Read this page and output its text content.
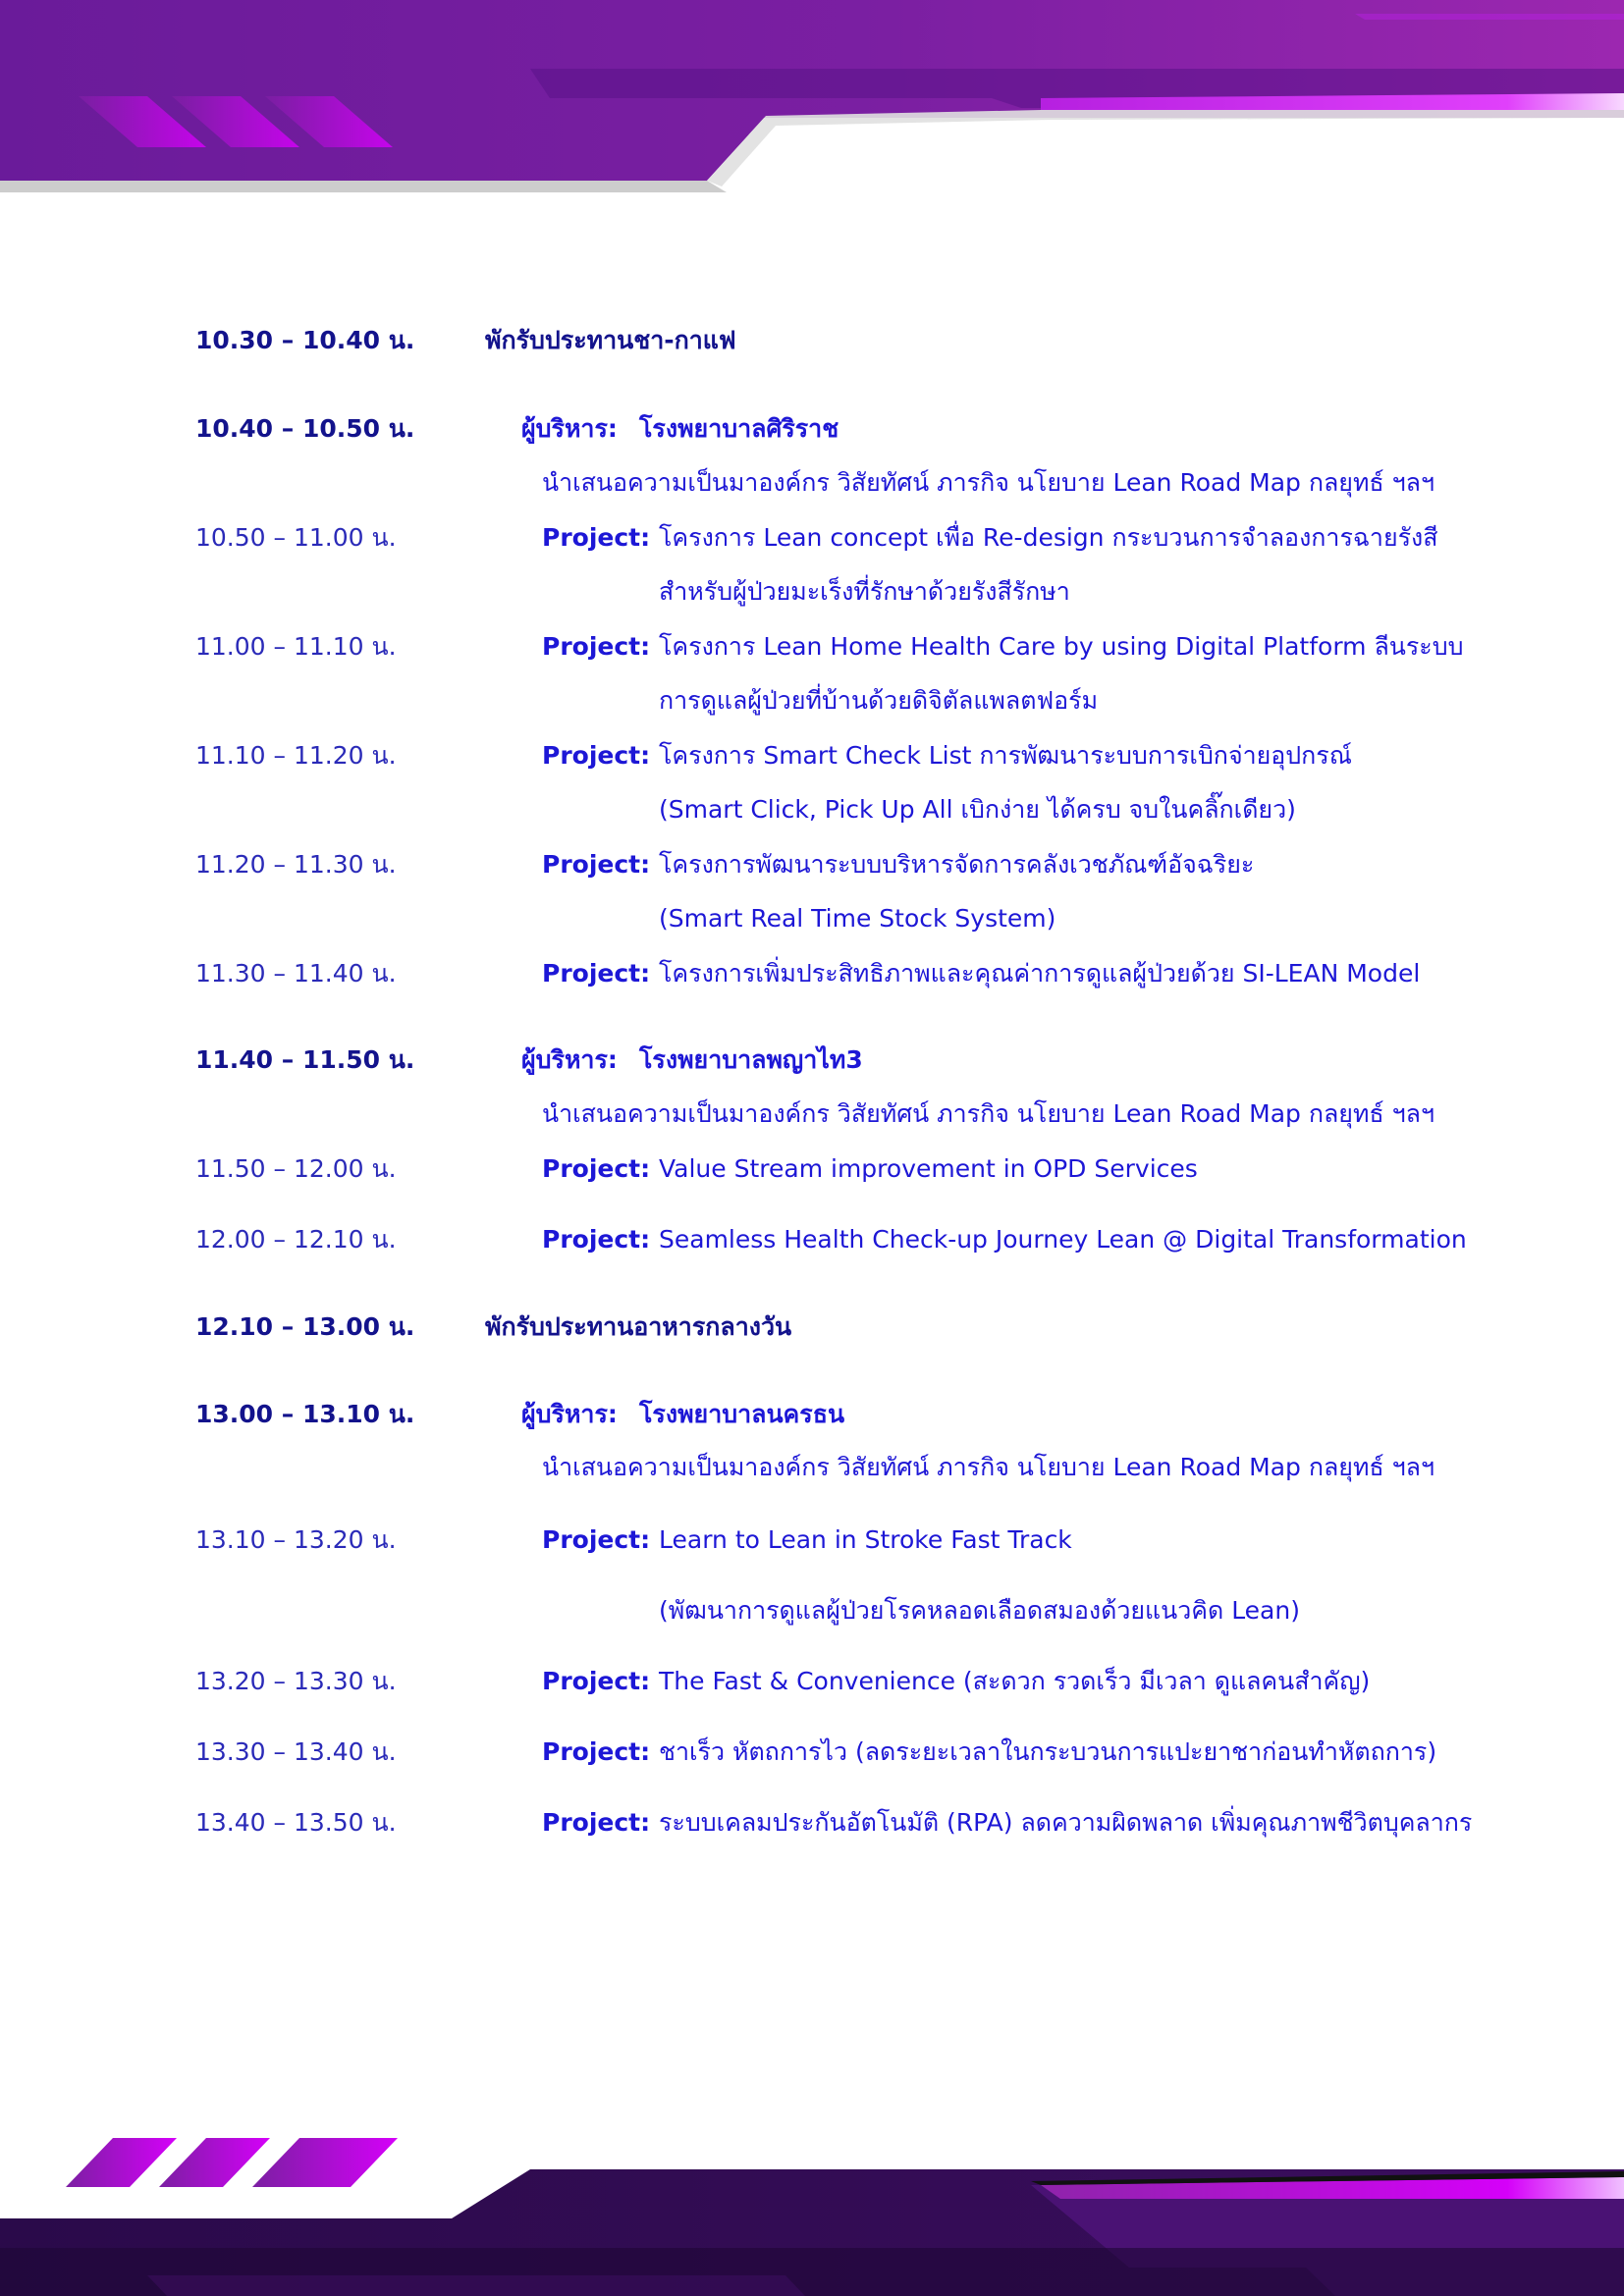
10.30 – 10.40 น.	พักรับประทานชา-กาแฟ
10.40 – 10.50 น.	ผู้บริหาร: โรงพยาบาลศิริราช
นำเสนอความเป็นมาองค์กร วิสัยทัศน์ ภารกิจ นโยบาย Lean Road Map กลยุทธ์ ฯลฯ
10.50 – 11.00 น.	Project: โครงการ Lean concept เพื่อ Re-design กระบวนการจำลองการฉายรังสี
สำหรับผู้ป่วยมะเร็งที่รักษาด้วยรังสีรักษา
11.00 – 11.10 น.	Project: โครงการ Lean Home Health Care by using Digital Platform ลีนระบบ
การดูแลผู้ป่วยที่บ้านด้วยดิจิตัลแพลตฟอร์ม
11.10 – 11.20 น.	Project: โครงการ Smart Check List การพัฒนาระบบการเบิกจ่ายอุปกรณ์
(Smart Click, Pick Up All เบิกง่าย ได้ครบ จบในคลิ๊กเดียว)
11.20 – 11.30 น.	Project: โครงการพัฒนาระบบบริหารจัดการคลังเวชภัณฑ์อัจฉริยะ
(Smart Real Time Stock System)
11.30 – 11.40 น.	Project: โครงการเพิ่มประสิทธิภาพและคุณค่าการดูแลผู้ป่วยด้วย SI-LEAN Model
11.40 – 11.50 น.	ผู้บริหาร: โรงพยาบาลพญาไท3
นำเสนอความเป็นมาองค์กร วิสัยทัศน์ ภารกิจ นโยบาย Lean Road Map กลยุทธ์ ฯลฯ
11.50 – 12.00 น.	Project: Value Stream improvement in OPD Services
12.00 – 12.10 น.	Project: Seamless Health Check-up Journey Lean @ Digital Transformation
12.10 – 13.00 น.	พักรับประทานอาหารกลางวัน
13.00 – 13.10 น.	ผู้บริหาร: โรงพยาบาลนครธน
นำเสนอความเป็นมาองค์กร วิสัยทัศน์ ภารกิจ นโยบาย Lean Road Map กลยุทธ์ ฯลฯ
13.10 – 13.20 น.	Project: Learn to Lean in Stroke Fast Track
(พัฒนาการดูแลผู้ป่วยโรคหลอดเลือดสมองด้วยแนวคิด Lean)
13.20 – 13.30 น.	Project: The Fast & Convenience (สะดวก รวดเร็ว มีเวลา ดูแลคนสำคัญ)
13.30 – 13.40 น.	Project: ชาเร็ว หัตถการไว (ลดระยะเวลาในกระบวนการแปะยาชาก่อนทำหัตถการ)
13.40 – 13.50 น.	Project: ระบบเคลมประกันอัตโนมัติ (RPA) ลดความผิดพลาด เพิ่มคุณภาพชีวิตบุคลากร
